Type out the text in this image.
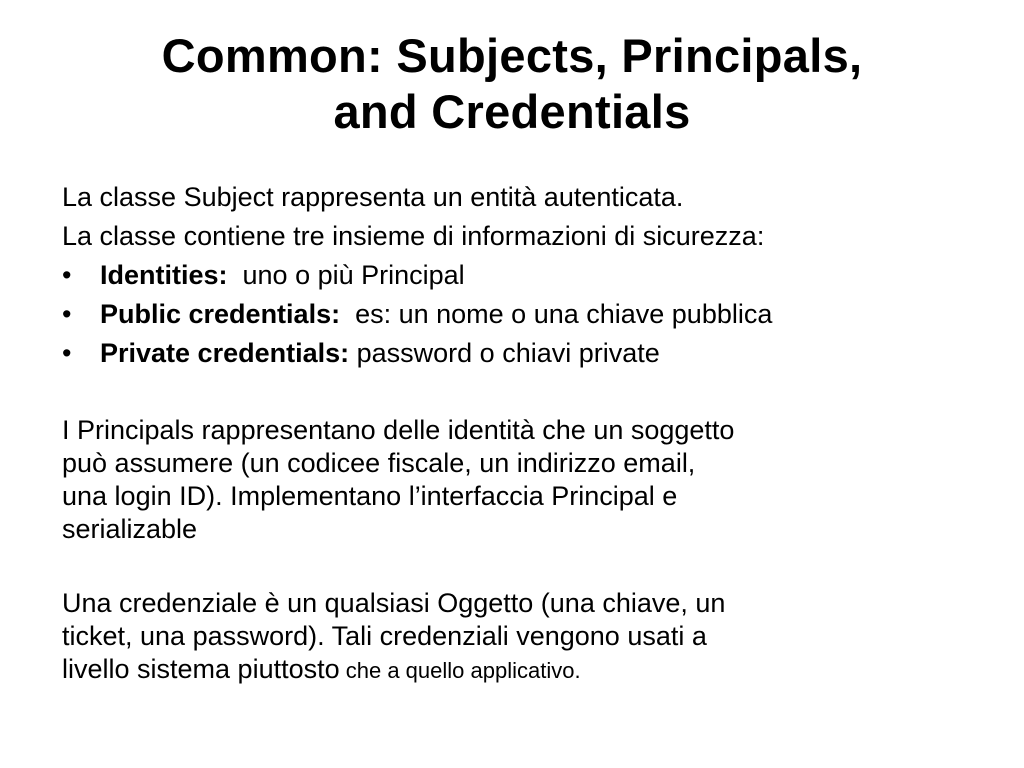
Common: Subjects, Principals,
and Credentials
La classe Subject rappresenta un entità autenticata.
La classe contiene tre insieme di informazioni di sicurezza:
• Identities:  uno o più Principal
• Public credentials:  es: un nome o una chiave pubblica
• Private credentials: password o chiavi private
I Principals rappresentano delle identità che un soggetto
può assumere (un codicee fiscale, un indirizzo email,
una login ID). Implementano l’interfaccia Principal e
serializable
Una credenziale è un qualsiasi Oggetto (una chiave, un
ticket, una password). Tali credenziali vengono usati a
livello sistema piuttosto che a quello applicativo.
